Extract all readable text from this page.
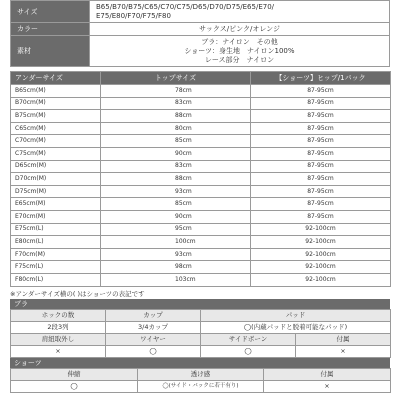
サイズ	B65/B70/B75/C65/C70/C75/D65/D70/D75/E65/E70/
E75/E80/F70/F75/F80

カラー	サックス/ピンク/オレンジ
素材	ブラ：ナイロン　その他
ショーツ：身生地　ナイロン100%
レース部分　ナイロン
アンダーサイズ	トップサイズ	【ショーツ】ヒップ/1パック
B65cm(M)	78cm	87-95cm
B70cm(M)	83cm	87-95cm
B75cm(M)	88cm	87-95cm
C65cm(M)	80cm	87-95cm
C70cm(M)	85cm	87-95cm
C75cm(M)	90cm	87-95cm
D65cm(M)	83cm	87-95cm
D70cm(M)	88cm	87-95cm
D75cm(M)	93cm	87-95cm
E65cm(M)	85cm	87-95cm
E70cm(M)	90cm	87-95cm
E75cm(L)	95cm	92-100cm
E80cm(L)	100cm	92-100cm
F70cm(M)	93cm	92-100cm
F75cm(L)	98cm	92-100cm
F80cm(L)	103cm	92-100cm
※アンダーサイズ横の( )はショーツの表記です
ブラ
ホックの数	カップ	パッド	
2段3列	3/4カップ	◯(内蔵パッドと脱着可能なパッド)	
肩紐取外し	ワイヤー	サイドボーン	付属
×	◯	◯	×
ショーツ
伸縮	透け感	付属
◯	◯(サイド・バックに若干有り)	×
